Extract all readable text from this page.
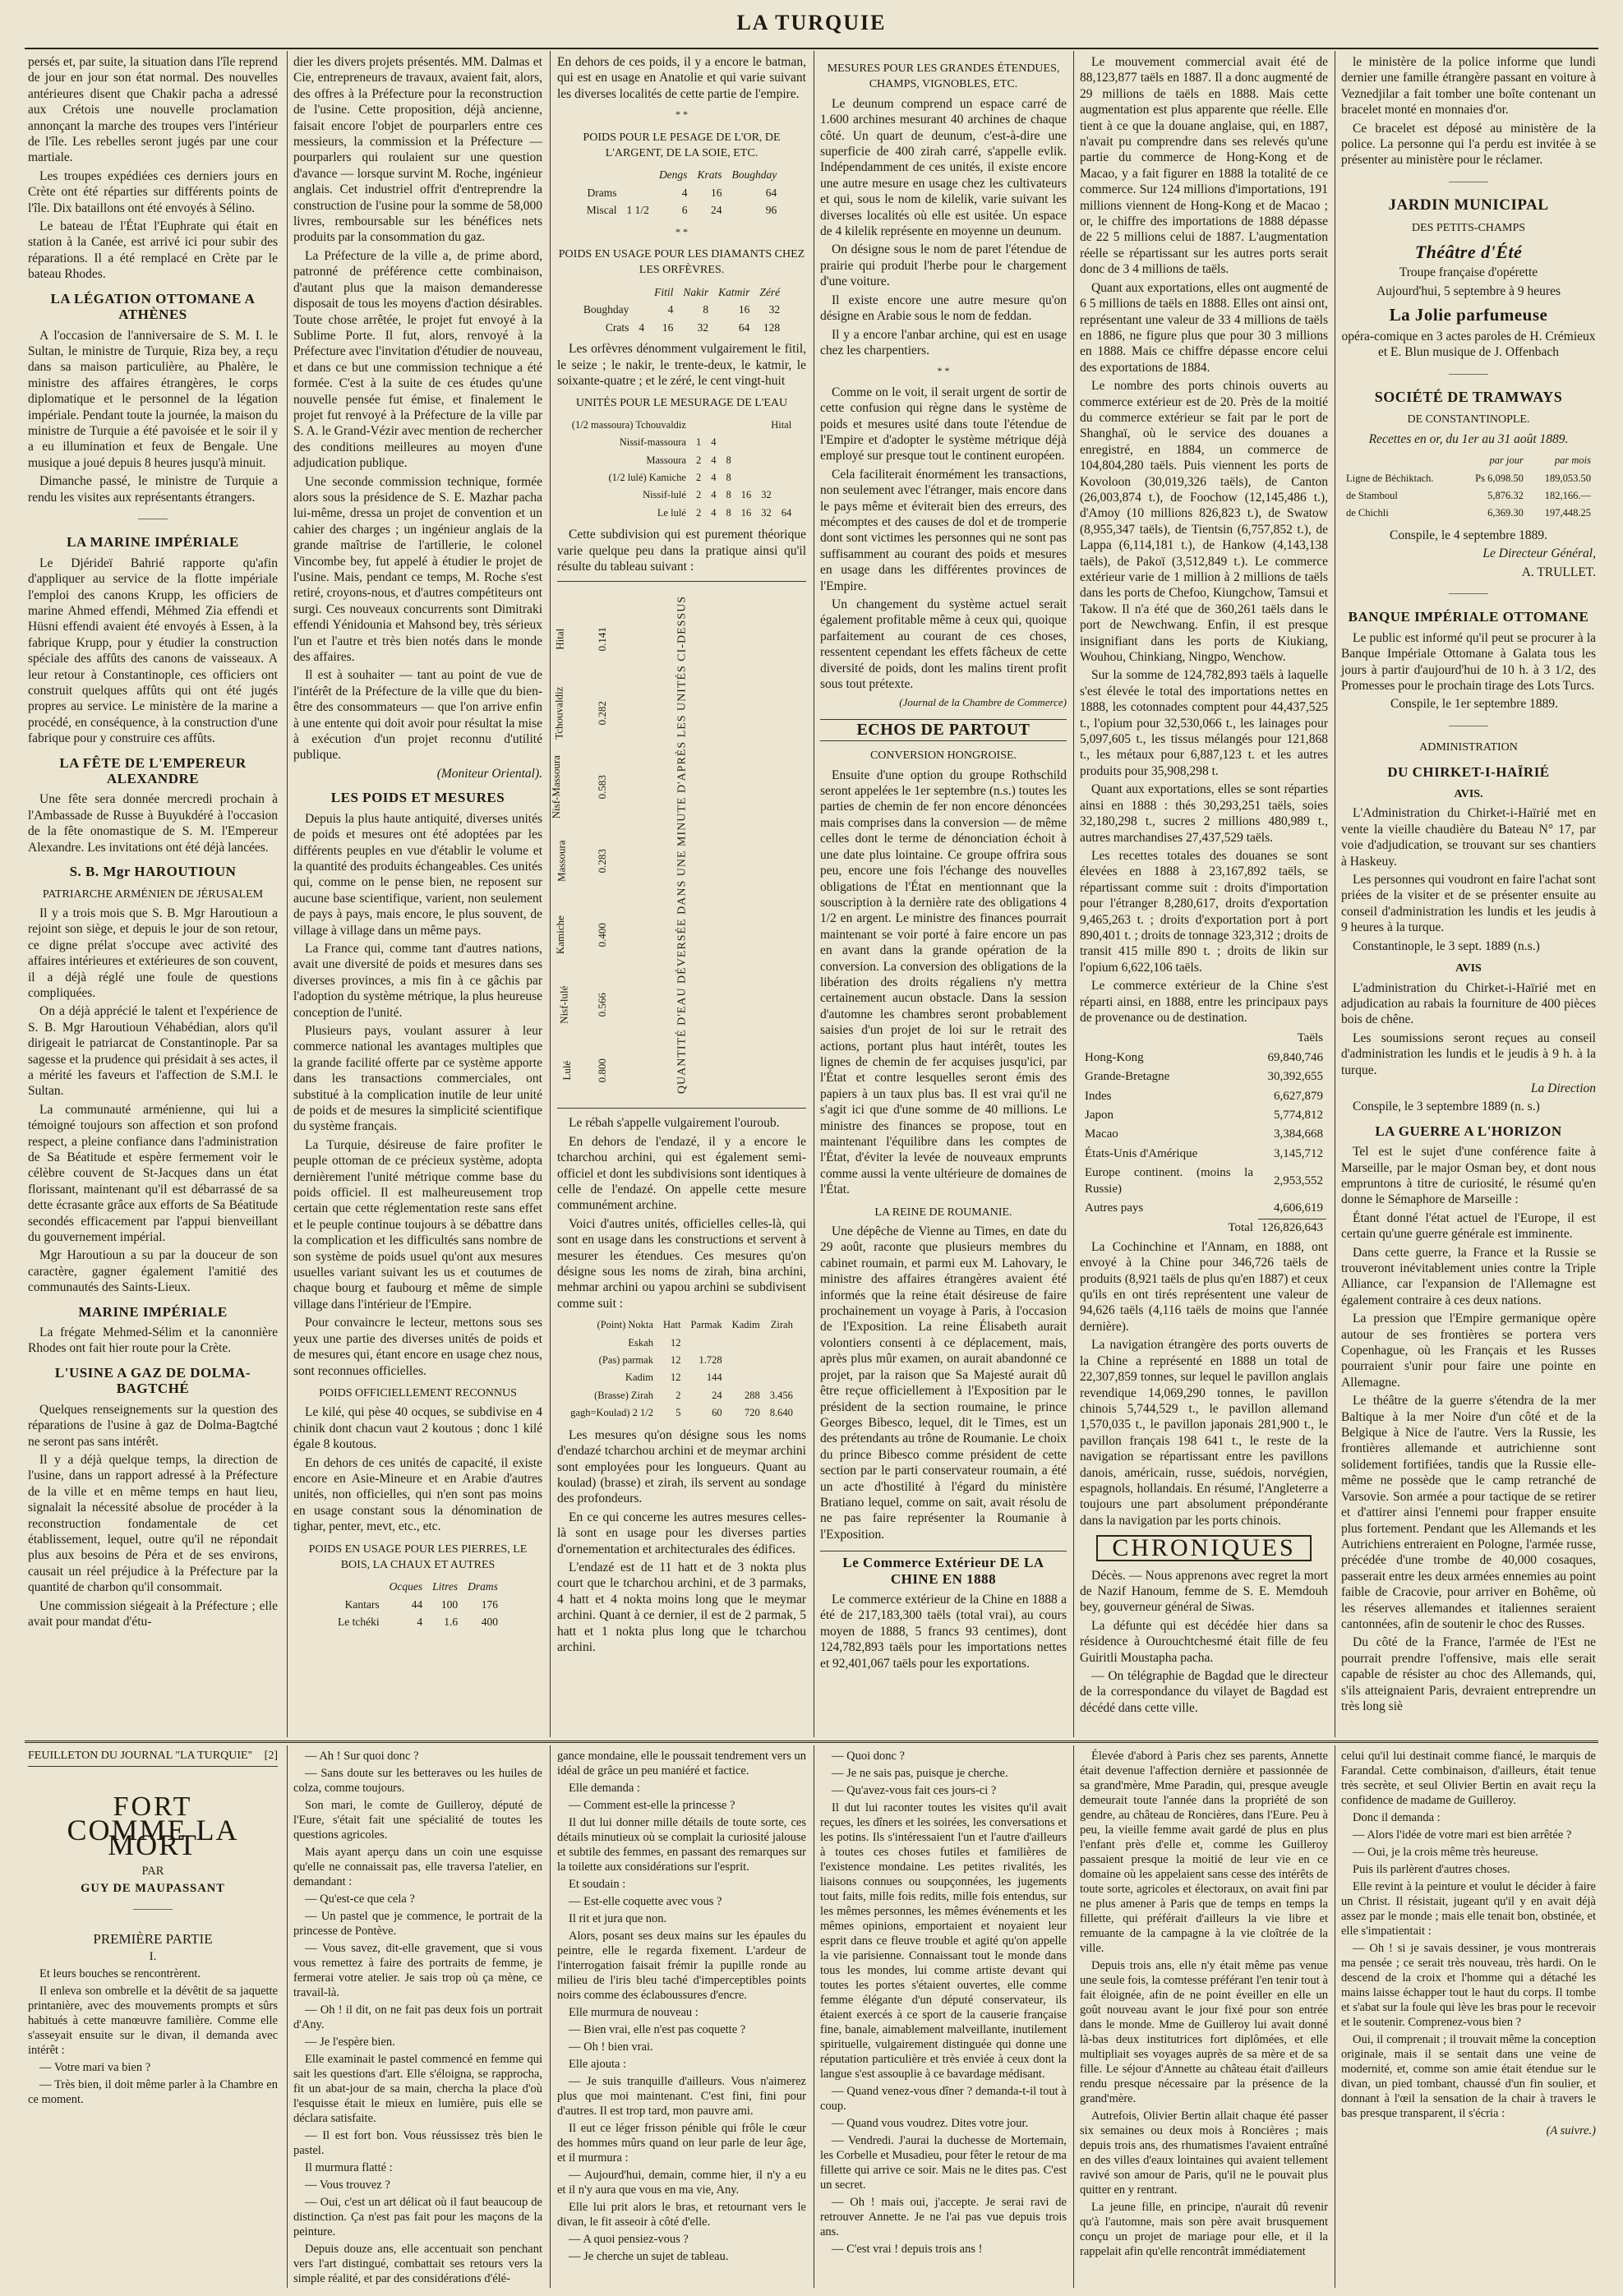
LA TURQUIE

persés et, par suite, la situation dans l'île reprend de jour en jour son état normal. Des nouvelles antérieures disent que Chakir pacha a adressé aux Crétois une nouvelle proclamation annonçant la marche des troupes vers l'intérieur de l'île. Les rebelles seront jugés par une cour martiale.

Les troupes expédiées ces derniers jours en Crète ont été réparties sur différents points de l'île. Dix bataillons ont été envoyés à Sélino.

Le bateau de l'État l'Euphrate qui était en station à la Canée, est arrivé ici pour subir des réparations. Il a été remplacé en Crète par le bateau Rhodes.

LA LÉGATION OTTOMANE A ATHÈNES

A l'occasion de l'anniversaire de S. M. I. le Sultan, le ministre de Turquie, Riza bey, a reçu dans sa maison particulière, au Phalère, le ministre des affaires étrangères, le corps diplomatique et le personnel de la légation impériale. Pendant toute la journée, la maison du ministre de Turquie a été pavoisée et le soir il y a eu illumination et feux de Bengale. Une musique a joué depuis 8 heures jusqu'à minuit.

Dimanche passé, le ministre de Turquie a rendu les visites aux représentants étrangers.

———
LA MARINE IMPÉRIALE

Le Djérideï Bahrié rapporte qu'afin d'appliquer au service de la flotte impériale l'emploi des canons Krupp, les officiers de marine Ahmed effendi, Méhmed Zia effendi et Hüsni effendi avaient été envoyés à Essen, à la fabrique Krupp, pour y étudier la construction spéciale des affûts des canons de vaisseaux. A leur retour à Constantinople, ces officiers ont construit quelques affûts qui ont été jugés propres au service. Le ministère de la marine a procédé, en conséquence, à la construction d'une fabrique pour y construire ces affûts.

LA FÊTE DE L'EMPEREUR ALEXANDRE

Une fête sera donnée mercredi prochain à l'Ambassade de Russe à Buyukdéré à l'occasion de la fête onomastique de S. M. l'Empereur Alexandre. Les invitations ont été déjà lancées.

S. B. Mgr HAROUTIOUN
PATRIARCHE ARMÉNIEN DE JÉRUSALEM

Il y a trois mois que S. B. Mgr Haroutioun a rejoint son siège, et depuis le jour de son retour, ce digne prélat s'occupe avec activité des affaires intérieures et extérieures de son couvent, il a déjà réglé une foule de questions compliquées.

On a déjà apprécié le talent et l'expérience de S. B. Mgr Haroutioun Véhabédian, alors qu'il dirigeait le patriarcat de Constantinople. Par sa sagesse et la prudence qui présidait à ses actes, il a mérité les faveurs et l'affection de S.M.I. le Sultan.

La communauté arménienne, qui lui a témoigné toujours son affection et son profond respect, a pleine confiance dans l'administration de Sa Béatitude et espère fermement voir le célèbre couvent de St-Jacques dans un état florissant, maintenant qu'il est débarrassé de sa dette écrasante grâce aux efforts de Sa Béatitude secondés efficacement par l'appui bienveillant du gouvernement impérial.

Mgr Haroutioun a su par la douceur de son caractère, gagner également l'amitié des communautés des Saints-Lieux.

MARINE IMPÉRIALE

La frégate Mehmed-Sélim et la canonnière Rhodes ont fait hier route pour la Crète.

L'USINE A GAZ DE DOLMA-BAGTCHÉ

Quelques renseignements sur la question des réparations de l'usine à gaz de Dolma-Bagtché ne seront pas sans intérêt.

Il y a déjà quelque temps, la direction de l'usine, dans un rapport adressé à la Préfecture de la ville et en même temps en haut lieu, signalait la nécessité absolue de procéder à la reconstruction fondamentale de cet établissement, lequel, outre qu'il ne répondait plus aux besoins de Péra et de ses environs, causait un réel préjudice à la Préfecture par la quantité de charbon qu'il consommait.

Une commission siégeait à la Préfecture ; elle avait pour mandat d'étu-

dier les divers projets présentés. MM. Dalmas et Cie, entrepreneurs de travaux, avaient fait, alors, des offres à la Préfecture pour la reconstruction de l'usine. Cette proposition, déjà ancienne, faisait encore l'objet de pourparlers entre ces messieurs, la commission et la Préfecture — pourparlers qui roulaient sur une question d'avance — lorsque survint M. Roche, ingénieur anglais. Cet industriel offrit d'entreprendre la construction de l'usine pour la somme de 58,000 livres, remboursable sur les bénéfices nets produits par la consommation du gaz.

La Préfecture de la ville a, de prime abord, patronné de préférence cette combinaison, d'autant plus que la maison demanderesse disposait de tous les moyens d'action désirables. Toute chose arrêtée, le projet fut envoyé à la Sublime Porte. Il fut, alors, renvoyé à la Préfecture avec l'invitation d'étudier de nouveau, et dans ce but une commission technique a été formée. C'est à la suite de ces études qu'une nouvelle pensée fut émise, et finalement le projet fut renvoyé à la Préfecture de la ville par S. A. le Grand-Vézir avec mention de rechercher des conditions meilleures au moyen d'une adjudication publique.

Une seconde commission technique, formée alors sous la présidence de S. E. Mazhar pacha lui-même, dressa un projet de convention et un cahier des charges ; un ingénieur anglais de la grande maîtrise de l'artillerie, le colonel Vincombe bey, fut appelé à étudier le projet de l'usine. Mais, pendant ce temps, M. Roche s'est retiré, croyons-nous, et d'autres compétiteurs ont surgi. Ces nouveaux concurrents sont Dimitraki effendi Yénidounia et Mahsond bey, très sérieux l'un et l'autre et très bien notés dans le monde des affaires.

Il est à souhaiter — tant au point de vue de l'intérêt de la Préfecture de la ville que du bien-être des consommateurs — que l'on arrive enfin à une entente qui doit avoir pour résultat la mise à exécution d'un projet reconnu d'utilité publique.

(Moniteur Oriental).

LES POIDS ET MESURES

Depuis la plus haute antiquité, diverses unités de poids et mesures ont été adoptées par les différents peuples en vue d'établir le volume et la quantité des produits échangeables. Ces unités qui, comme on le pense bien, ne reposent sur aucune base scientifique, varient, non seulement de pays à pays, mais encore, le plus souvent, de village à village dans un même pays.

La France qui, comme tant d'autres nations, avait une diversité de poids et mesures dans ses diverses provinces, a mis fin à ce gâchis par l'adoption du système métrique, la plus heureuse conception de l'unité.

Plusieurs pays, voulant assurer à leur commerce national les avantages multiples que la grande facilité offerte par ce système apporte dans les transactions commerciales, ont substitué à la complication inutile de leur unité de poids et de mesures la simplicité scientifique du système français.

La Turquie, désireuse de faire profiter le peuple ottoman de ce précieux système, adopta dernièrement l'unité métrique comme base du poids officiel. Il est malheureusement trop certain que cette réglementation reste sans effet et le peuple continue toujours à se débattre dans la complication et les difficultés sans nombre de son système de poids usuel qu'ont aux mesures usuelles variant suivant les us et coutumes de chaque bourg et faubourg et même de simple village dans l'intérieur de l'Empire.

Pour convaincre le lecteur, mettons sous ses yeux une partie des diverses unités de poids et de mesures qui, étant encore en usage chez nous, sont reconnues officielles.

POIDS OFFICIELLEMENT RECONNUS

Le kilé, qui pèse 40 ocques, se subdivise en 4 chinik dont chacun vaut 2 koutous ; donc 1 kilé égale 8 koutous.

En dehors de ces unités de capacité, il existe encore en Asie-Mineure et en Arabie d'autres unités, non officielles, qui n'en sont pas moins en usage constant sous la dénomination de tighar, penter, mevt, etc., etc.

POIDS EN USAGE POUR LES PIERRES, LE BOIS, LA CHAUX ET AUTRES
	Ocques	Litres	Drams
Kantars	44	100	176
Le tchéki	4	1.6	400

En dehors de ces poids, il y a encore le batman, qui est en usage en Anatolie et qui varie suivant les diverses localités de cette partie de l'empire.

* *
POIDS POUR LE PESAGE DE L'OR, DE L'ARGENT, DE LA SOIE, ETC.
		Dengs	Krats	Boughday
Drams		4	16	64
Miscal	1 1/2	6	24	96
* *
POIDS EN USAGE POUR LES DIAMANTS CHEZ LES ORFÈVRES.
		Fitil	Nakir	Katmir	Zéré
Boughday		4	8	16	32
Crats	4	16	32	64	128

Les orfèvres dénomment vulgairement le fitil, le seize ; le nakir, le trente-deux, le katmir, le soixante-quatre ; et le zéré, le cent vingt-huit

UNITÉS POUR LE MESURAGE DE L'EAU
(1/2 massoura) Tchouvaldiz	Hital					
Nissif-massoura	1	4				
Massoura	2	4	8			
(1/2 lulé) Kamiche	2	4	8			
Nissif-lulé	2	4	8	16	32	
Le lulé	2	4	8	16	32	64

Cette subdivision qui est purement théorique varie quelque peu dans la pratique ainsi qu'il résulte du tableau suivant :

QUANTITÉ D'EAU DÉVERSÉE DANS UNE MINUTE D'APRÈS LES UNITÉS CI-DESSUS
Hital
Tchouvaldiz
Nisf-Massoura
Massoura
Kamiche
Nisf-lulé
Lulé
0.141
0.282
0.583
0.283
0.400
0.566
0.800

Le rébah s'appelle vulgairement l'ouroub.

En dehors de l'endazé, il y a encore le tcharchou archini, qui est également semi-officiel et dont les subdivisions sont identiques à celle de l'endazé. On appelle cette mesure communément archine.

Voici d'autres unités, officielles celles-là, qui sont en usage dans les constructions et servent à mesurer les étendues. Ces mesures qu'on désigne sous les noms de zirah, bina archini, mehmar archini ou yapou archini se subdivisent comme suit :

(Point) Nokta	Hatt	Parmak	Kadim	Zirah
Eskah	12			
(Pas) parmak	12	1.728		
Kadim	12	144		
(Brasse) Zirah	2	24	288	3.456
gagh=Koulad) 2 1/2	5	60	720	8.640

Les mesures qu'on désigne sous les noms d'endazé tcharchou archini et de meymar archini sont employées pour les longueurs. Quant au koulad) (brasse) et zirah, ils servent au sondage des profondeurs.

En ce qui concerne les autres mesures celles-là sont en usage pour les diverses parties d'ornementation et architecturales des édifices.

L'endazé est de 11 hatt et de 3 nokta plus court que le tcharchou archini, et de 3 parmaks, 4 hatt et 4 nokta moins long que le meymar archini. Quant à ce dernier, il est de 2 parmak, 5 hatt et 1 nokta plus long que le tcharchou archini.

MESURES POUR LES GRANDES ÉTENDUES, CHAMPS, VIGNOBLES, ETC.

Le deunum comprend un espace carré de 1.600 archines mesurant 40 archines de chaque côté. Un quart de deunum, c'est-à-dire une superficie de 400 zirah carré, s'appelle evlik. Indépendamment de ces unités, il existe encore une autre mesure en usage chez les cultivateurs et qui, sous le nom de kilelik, varie suivant les diverses localités où elle est usitée. Un espace de 4 kilelik représente en moyenne un deunum.

On désigne sous le nom de paret l'étendue de prairie qui produit l'herbe pour le chargement d'une voiture.

Il existe encore une autre mesure qu'on désigne en Arabie sous le nom de feddan.

Il y a encore l'anbar archine, qui est en usage chez les charpentiers.

* *

Comme on le voit, il serait urgent de sortir de cette confusion qui règne dans le système de poids et mesures usité dans toute l'étendue de l'Empire et d'adopter le système métrique déjà employé sur presque tout le continent européen.

Cela faciliterait énormément les transactions, non seulement avec l'étranger, mais encore dans le pays même et éviterait bien des erreurs, des mécomptes et des causes de dol et de tromperie dont sont victimes les personnes qui ne sont pas suffisamment au courant des poids et mesures en usage dans les différentes provinces de l'Empire.

Un changement du système actuel serait également profitable même à ceux qui, quoique parfaitement au courant de ces choses, ressentent cependant les effets fâcheux de cette diversité de poids, dont les malins tirent profit sous tout prétexte.

(Journal de la Chambre de Commerce)

ECHOS DE PARTOUT
CONVERSION HONGROISE.

Ensuite d'une option du groupe Rothschild seront appelées le 1er septembre (n.s.) toutes les parties de chemin de fer non encore dénoncées mais comprises dans la conversion — de même celles dont le terme de dénonciation échoit à une date plus lointaine. Ce groupe offrira sous peu, encore une fois l'échange des nouvelles obligations de l'État en mentionnant que la souscription à la dernière rate des obligations 4 1/2 en argent. Le ministre des finances pourrait maintenant se voir porté à faire encore un pas en avant dans la grande opération de la conversion. La conversion des obligations de la libération des droits régaliens n'y mettra certainement aucun obstacle. Dans la session d'automne les chambres seront probablement saisies d'un projet de loi sur le retrait des actions, portant plus haut intérêt, toutes les lignes de chemin de fer acquises jusqu'ici, par l'État et contre lesquelles seront émis des papiers à un taux plus bas. Il est vrai qu'il ne s'agit ici que d'une somme de 40 millions. Le ministre des finances se propose, tout en maintenant l'équilibre dans les comptes de l'État, d'éviter la levée de nouveaux emprunts comme aussi la vente ultérieure de domaines de l'État.

LA REINE DE ROUMANIE.

Une dépêche de Vienne au Times, en date du 29 août, raconte que plusieurs membres du cabinet roumain, et parmi eux M. Lahovary, le ministre des affaires étrangères avaient été informés que la reine était désireuse de faire prochainement un voyage à Paris, à l'occasion de l'Exposition. La reine Élisabeth aurait volontiers consenti à ce déplacement, mais, après plus mûr examen, on aurait abandonné ce projet, par la raison que Sa Majesté aurait dû être reçue officiellement à l'Exposition par le président de la section roumaine, le prince Georges Bibesco, lequel, dit le Times, est un des prétendants au trône de Roumanie. Le choix du prince Bibesco comme président de cette section par le parti conservateur roumain, a été un acte d'hostilité à l'égard du ministère Bratiano lequel, comme on sait, avait résolu de ne pas faire représenter la Roumanie à l'Exposition.

Le Commerce Extérieur DE LA CHINE EN 1888

Le commerce extérieur de la Chine en 1888 a été de 217,183,300 taëls (total vrai), au cours moyen de 1888, 5 francs 93 centimes), dont 124,782,893 taëls pour les importations nettes et 92,401,067 taëls pour les exportations.

Le mouvement commercial avait été de 88,123,877 taëls en 1887. Il a donc augmenté de 29 millions de taëls en 1888. Mais cette augmentation est plus apparente que réelle. Elle tient à ce que la douane anglaise, qui, en 1887, n'avait pu comprendre dans ses relevés qu'une partie du commerce de Hong-Kong et de Macao, y a fait figurer en 1888 la totalité de ce commerce. Sur 124 millions d'importations, 191 millions viennent de Hong-Kong et de Macao ; or, le chiffre des importations de 1888 dépasse de 22 5 millions celui de 1887. L'augmentation réelle se répartissant sur les autres ports serait donc de 3 4 millions de taëls.

Quant aux exportations, elles ont augmenté de 6 5 millions de taëls en 1888. Elles ont ainsi ont, représentant une valeur de 33 4 millions de taëls en 1886, ne figure plus que pour 30 3 millions en 1888. Mais ce chiffre dépasse encore celui des exportations de 1884.

Le nombre des ports chinois ouverts au commerce extérieur est de 20. Près de la moitié du commerce extérieur se fait par le port de Shanghaï, où le service des douanes a enregistré, en 1884, un commerce de 104,804,280 taëls. Puis viennent les ports de Kovoloon (30,019,326 taëls), de Canton (26,003,874 t.), de Foochow (12,145,486 t.), d'Amoy (10 millions 826,823 t.), de Swatow (8,955,347 taëls), de Tientsin (6,757,852 t.), de Lappa (6,114,181 t.), de Hankow (4,143,138 taëls), de Pakoï (3,512,849 t.). Le commerce extérieur varie de 1 million à 2 millions de taëls dans les ports de Chefoo, Kiungchow, Tamsui et Takow. Il n'a été que de 360,261 taëls dans le port de Newchwang. Enfin, il est presque insignifiant dans les ports de Kiukiang, Wouhou, Chinkiang, Ningpo, Wenchow.

Sur la somme de 124,782,893 taëls à laquelle s'est élevée le total des importations nettes en 1888, les cotonnades comptent pour 44,437,525 t., l'opium pour 32,530,066 t., les lainages pour 5,097,605 t., les tissus mélangés pour 121,868 t., les métaux pour 6,887,123 t. et les autres produits pour 35,908,298 t.

Quant aux exportations, elles se sont réparties ainsi en 1888 : thés 30,293,251 taëls, soies 32,180,298 t., sucres 2 millions 480,989 t., autres marchandises 27,437,529 taëls.

Les recettes totales des douanes se sont élevées en 1888 à 23,167,892 taëls, se répartissant comme suit : droits d'importation pour l'étranger 8,280,617, droits d'exportation 9,465,263 t. ; droits d'exportation port à port 890,401 t. ; droits de tonnage 323,312 ; droits de transit 415 mille 890 t. ; droits de likin sur l'opium 6,622,106 taëls.

Le commerce extérieur de la Chine s'est réparti ainsi, en 1888, entre les principaux pays de provenance ou de destination.

	Taëls
Hong-Kong	69,840,746
Grande-Bretagne	30,392,655
Indes	6,627,879
Japon	5,774,812
Macao	3,384,668
États-Unis d'Amérique	3,145,712
Europe continent. (moins la Russie)	2,953,552
Autres pays	4,606,619
Total	126,826,643

La Cochinchine et l'Annam, en 1888, ont envoyé à la Chine pour 346,726 taëls de produits (8,921 taëls de plus qu'en 1887) et ceux qu'ils en ont tirés représentent une valeur de 94,626 taëls (4,116 taëls de moins que l'année dernière).

La navigation étrangère des ports ouverts de la Chine a représenté en 1888 un total de 22,307,859 tonnes, sur lequel le pavillon anglais revendique 14,069,290 tonnes, le pavillon chinois 5,744,529 t., le pavillon allemand 1,570,035 t., le pavillon japonais 281,900 t., le pavillon français 198 641 t., le reste de la navigation se répartissant entre les pavillons danois, américain, russe, suédois, norvégien, espagnols, hollandais. En résumé, l'Angleterre a toujours une part absolument prépondérante dans la navigation par les ports chinois.

CHRONIQUES

Décès. — Nous apprenons avec regret la mort de Nazif Hanoum, femme de S. E. Memdouh bey, gouverneur général de Siwas.

La défunte qui est décédée hier dans sa résidence à Ourouchtchesmé était fille de feu Guiritli Moustapha pacha.

— On télégraphie de Bagdad que le directeur de la correspondance du vilayet de Bagdad est décédé dans cette ville.

le ministère de la police informe que lundi dernier une famille étrangère passant en voiture à Veznedjilar a fait tomber une boîte contenant un bracelet monté en monnaies d'or.

Ce bracelet est déposé au ministère de la police. La personne qui l'a perdu est invitée à se présenter au ministère pour le réclamer.

————
JARDIN MUNICIPAL
DES PETITS-CHAMPS
Théâtre d'Été

Troupe française d'opérette

Aujourd'hui, 5 septembre à 9 heures

La Jolie parfumeuse

opéra-comique en 3 actes paroles de H. Crémieux et E. Blun musique de J. Offenbach

————
SOCIÉTÉ DE TRAMWAYS
DE CONSTANTINOPLE.

Recettes en or, du 1er au 31 août 1889.

	par jour	par mois
Ligne de Béchiktach.	Ps 6,098.50	189,053.50
de Stamboul	5,876.32	182,166.—
de Chichli	6,369.30	197,448.25

Conspile, le 4 septembre 1889.

Le Directeur Général,

A. TRULLET.

————
BANQUE IMPÉRIALE OTTOMANE

Le public est informé qu'il peut se procurer à la Banque Impériale Ottomane à Galata tous les jours à partir d'aujourd'hui de 10 h. à 3 1/2, des Promesses pour le prochain tirage des Lots Turcs.

Conspile, le 1er septembre 1889.

————
ADMINISTRATION
DU CHIRKET-I-HAÏRIÉ
AVIS.

L'Administration du Chirket-i-Haïrié met en vente la vieille chaudière du Bateau N° 17, par voie d'adjudication, se trouvant sur ses chantiers à Haskeuy.

Les personnes qui voudront en faire l'achat sont priées de la visiter et de se présenter ensuite au conseil d'administration les lundis et les jeudis à 9 heures à la turque.

Constantinople, le 3 sept. 1889 (n.s.)

AVIS

L'administration du Chirket-i-Haïrié met en adjudication au rabais la fourniture de 400 pièces bois de chêne.

Les soumissions seront reçues au conseil d'administration les lundis et le jeudis à 9 h. à la turque.

La Direction

Conspile, le 3 septembre 1889 (n. s.)

LA GUERRE A L'HORIZON

Tel est le sujet d'une conférence faite à Marseille, par le major Osman bey, et dont nous empruntons à titre de curiosité, le résumé qu'en donne le Sémaphore de Marseille :

Étant donné l'état actuel de l'Europe, il est certain qu'une guerre générale est imminente.

Dans cette guerre, la France et la Russie se trouveront inévitablement unies contre la Triple Alliance, car l'expansion de l'Allemagne est également contraire à ces deux nations.

La pression que l'Empire germanique opère autour de ses frontières se portera vers Copenhague, où les Français et les Russes pourraient s'unir pour faire une pointe en Allemagne.

Le théâtre de la guerre s'étendra de la mer Baltique à la mer Noire d'un côté et de la Belgique à Nice de l'autre. Vers la Russie, les frontières allemande et autrichienne sont solidement fortifiées, tandis que la Russie elle-même ne possède que le camp retranché de Varsovie. Son armée a pour tactique de se retirer et d'attirer ainsi l'ennemi pour frapper ensuite plus fortement. Pendant que les Allemands et les Autrichiens entreraient en Pologne, l'armée russe, précédée d'une trombe de 40,000 cosaques, passerait entre les deux armées ennemies au point faible de Cracovie, pour arriver en Bohême, où les réserves allemandes et italiennes seraient cantonnées, afin de soutenir le choc des Russes.

Du côté de la France, l'armée de l'Est ne pourrait prendre l'offensive, mais elle serait capable de résister au choc des Allemands, qui, s'ils atteignaient Paris, devraient entreprendre un très long siè

FEUILLETON DU JOURNAL "LA TURQUIE" [2]
FORT
COMME LA MORT

PAR

GUY DE MAUPASSANT

————

PREMIÈRE PARTIE

I.

Et leurs bouches se rencontrèrent.

Il enleva son ombrelle et la dévêtit de sa jaquette printanière, avec des mouvements prompts et sûrs habitués à cette manœuvre familière. Comme elle s'asseyait ensuite sur le divan, il demanda avec intérêt :

— Votre mari va bien ?

— Très bien, il doit même parler à la Chambre en ce moment.

— Ah ! Sur quoi donc ?

— Sans doute sur les betteraves ou les huiles de colza, comme toujours.

Son mari, le comte de Guilleroy, député de l'Eure, s'était fait une spécialité de toutes les questions agricoles.

Mais ayant aperçu dans un coin une esquisse qu'elle ne connaissait pas, elle traversa l'atelier, en demandant :

— Qu'est-ce que cela ?

— Un pastel que je commence, le portrait de la princesse de Pontève.

— Vous savez, dit-elle gravement, que si vous vous remettez à faire des portraits de femme, je fermerai votre atelier. Je sais trop où ça mène, ce travail-là.

— Oh ! il dit, on ne fait pas deux fois un portrait d'Any.

— Je l'espère bien.

Elle examinait le pastel commencé en femme qui sait les questions d'art. Elle s'éloigna, se rapprocha, fit un abat-jour de sa main, chercha la place d'où l'esquisse était le mieux en lumière, puis elle se déclara satisfaite.

— Il est fort bon. Vous réussissez très bien le pastel.

Il murmura flatté :

— Vous trouvez ?

— Oui, c'est un art délicat où il faut beaucoup de distinction. Ça n'est pas fait pour les maçons de la peinture.

Depuis douze ans, elle accentuait son penchant vers l'art distingué, combattait ses retours vers la simple réalité, et par des considérations d'élé-

gance mondaine, elle le poussait tendrement vers un idéal de grâce un peu maniéré et factice.

Elle demanda :

— Comment est-elle la princesse ?

Il dut lui donner mille détails de toute sorte, ces détails minutieux où se complait la curiosité jalouse et subtile des femmes, en passant des remarques sur la toilette aux considérations sur l'esprit.

Et soudain :

— Est-elle coquette avec vous ?

Il rit et jura que non.

Alors, posant ses deux mains sur les épaules du peintre, elle le regarda fixement. L'ardeur de l'interrogation faisait frémir la pupille ronde au milieu de l'iris bleu taché d'imperceptibles points noirs comme des éclaboussures d'encre.

Elle murmura de nouveau :

— Bien vrai, elle n'est pas coquette ?

— Oh ! bien vrai.

Elle ajouta :

— Je suis tranquille d'ailleurs. Vous n'aimerez plus que moi maintenant. C'est fini, fini pour d'autres. Il est trop tard, mon pauvre ami.

Il eut ce léger frisson pénible qui frôle le cœur des hommes mûrs quand on leur parle de leur âge, et il murmura :

— Aujourd'hui, demain, comme hier, il n'y a eu et il n'y aura que vous en ma vie, Any.

Elle lui prit alors le bras, et retournant vers le divan, le fit asseoir à côté d'elle.

— A quoi pensiez-vous ?

— Je cherche un sujet de tableau.

— Quoi donc ?

— Je ne sais pas, puisque je cherche.

— Qu'avez-vous fait ces jours-ci ?

Il dut lui raconter toutes les visites qu'il avait reçues, les dîners et les soirées, les conversations et les potins. Ils s'intéressaient l'un et l'autre d'ailleurs à toutes ces choses futiles et familières de l'existence mondaine. Les petites rivalités, les liaisons connues ou soupçonnées, les jugements tout faits, mille fois redits, mille fois entendus, sur les mêmes personnes, les mêmes événements et les mêmes opinions, emportaient et noyaient leur esprit dans ce fleuve trouble et agité qu'on appelle la vie parisienne. Connaissant tout le monde dans tous les mondes, lui comme artiste devant qui toutes les portes s'étaient ouvertes, elle comme femme élégante d'un député conservateur, ils étaient exercés à ce sport de la causerie française fine, banale, aimablement malveillante, inutilement spirituelle, vulgairement distinguée qui donne une réputation particulière et très enviée à ceux dont la langue s'est assouplie à ce bavardage médisant.

— Quand venez-vous dîner ? demanda-t-il tout à coup.

— Quand vous voudrez. Dites votre jour.

— Vendredi. J'aurai la duchesse de Mortemain, les Corbelle et Musadieu, pour fêter le retour de ma fillette qui arrive ce soir. Mais ne le dites pas. C'est un secret.

— Oh ! mais oui, j'accepte. Je serai ravi de retrouver Annette. Je ne l'ai pas vue depuis trois ans.

— C'est vrai ! depuis trois ans !

Élevée d'abord à Paris chez ses parents, Annette était devenue l'affection dernière et passionnée de sa grand'mère, Mme Paradin, qui, presque aveugle demeurait toute l'année dans la propriété de son gendre, au château de Roncières, dans l'Eure. Peu à peu, la vieille femme avait gardé de plus en plus l'enfant près d'elle et, comme les Guilleroy passaient presque la moitié de leur vie en ce domaine où les appelaient sans cesse des intérêts de toute sorte, agricoles et électoraux, on avait fini par ne plus amener à Paris que de temps en temps la fillette, qui préférait d'ailleurs la vie libre et remuante de la campagne à la vie cloîtrée de la ville.

Depuis trois ans, elle n'y était même pas venue une seule fois, la comtesse préférant l'en tenir tout à fait éloignée, afin de ne point éveiller en elle un goût nouveau avant le jour fixé pour son entrée dans le monde. Mme de Guilleroy lui avait donné là-bas deux institutrices fort diplômées, et elle multipliait ses voyages auprès de sa mère et de sa fille. Le séjour d'Annette au château était d'ailleurs rendu presque nécessaire par la présence de la grand'mère.

Autrefois, Olivier Bertin allait chaque été passer six semaines ou deux mois à Roncières ; mais depuis trois ans, des rhumatismes l'avaient entraîné en des villes d'eaux lointaines qui avaient tellement ravivé son amour de Paris, qu'il ne le pouvait plus quitter en y rentrant.

La jeune fille, en principe, n'aurait dû revenir qu'à l'automne, mais son père avait brusquement conçu un projet de mariage pour elle, et il la rappelait afin qu'elle rencontrât immédiatement

celui qu'il lui destinait comme fiancé, le marquis de Farandal. Cette combinaison, d'ailleurs, était tenue très secrète, et seul Olivier Bertin en avait reçu la confidence de madame de Guilleroy.

Donc il demanda :

— Alors l'idée de votre mari est bien arrêtée ?

— Oui, je la crois même très heureuse.

Puis ils parlèrent d'autres choses.

Elle revint à la peinture et voulut le décider à faire un Christ. Il résistait, jugeant qu'il y en avait déjà assez par le monde ; mais elle tenait bon, obstinée, et elle s'impatientait :

— Oh ! si je savais dessiner, je vous montrerais ma pensée ; ce serait très nouveau, très hardi. On le descend de la croix et l'homme qui a détaché les mains laisse échapper tout le haut du corps. Il tombe et s'abat sur la foule qui lève les bras pour le recevoir et le soutenir. Comprenez-vous bien ?

Oui, il comprenait ; il trouvait même la conception originale, mais il se sentait dans une veine de modernité, et, comme son amie était étendue sur le divan, un pied tombant, chaussé d'un fin soulier, et donnant à l'œil la sensation de la chair à travers le bas presque transparent, il s'écria :

(A suivre.)
